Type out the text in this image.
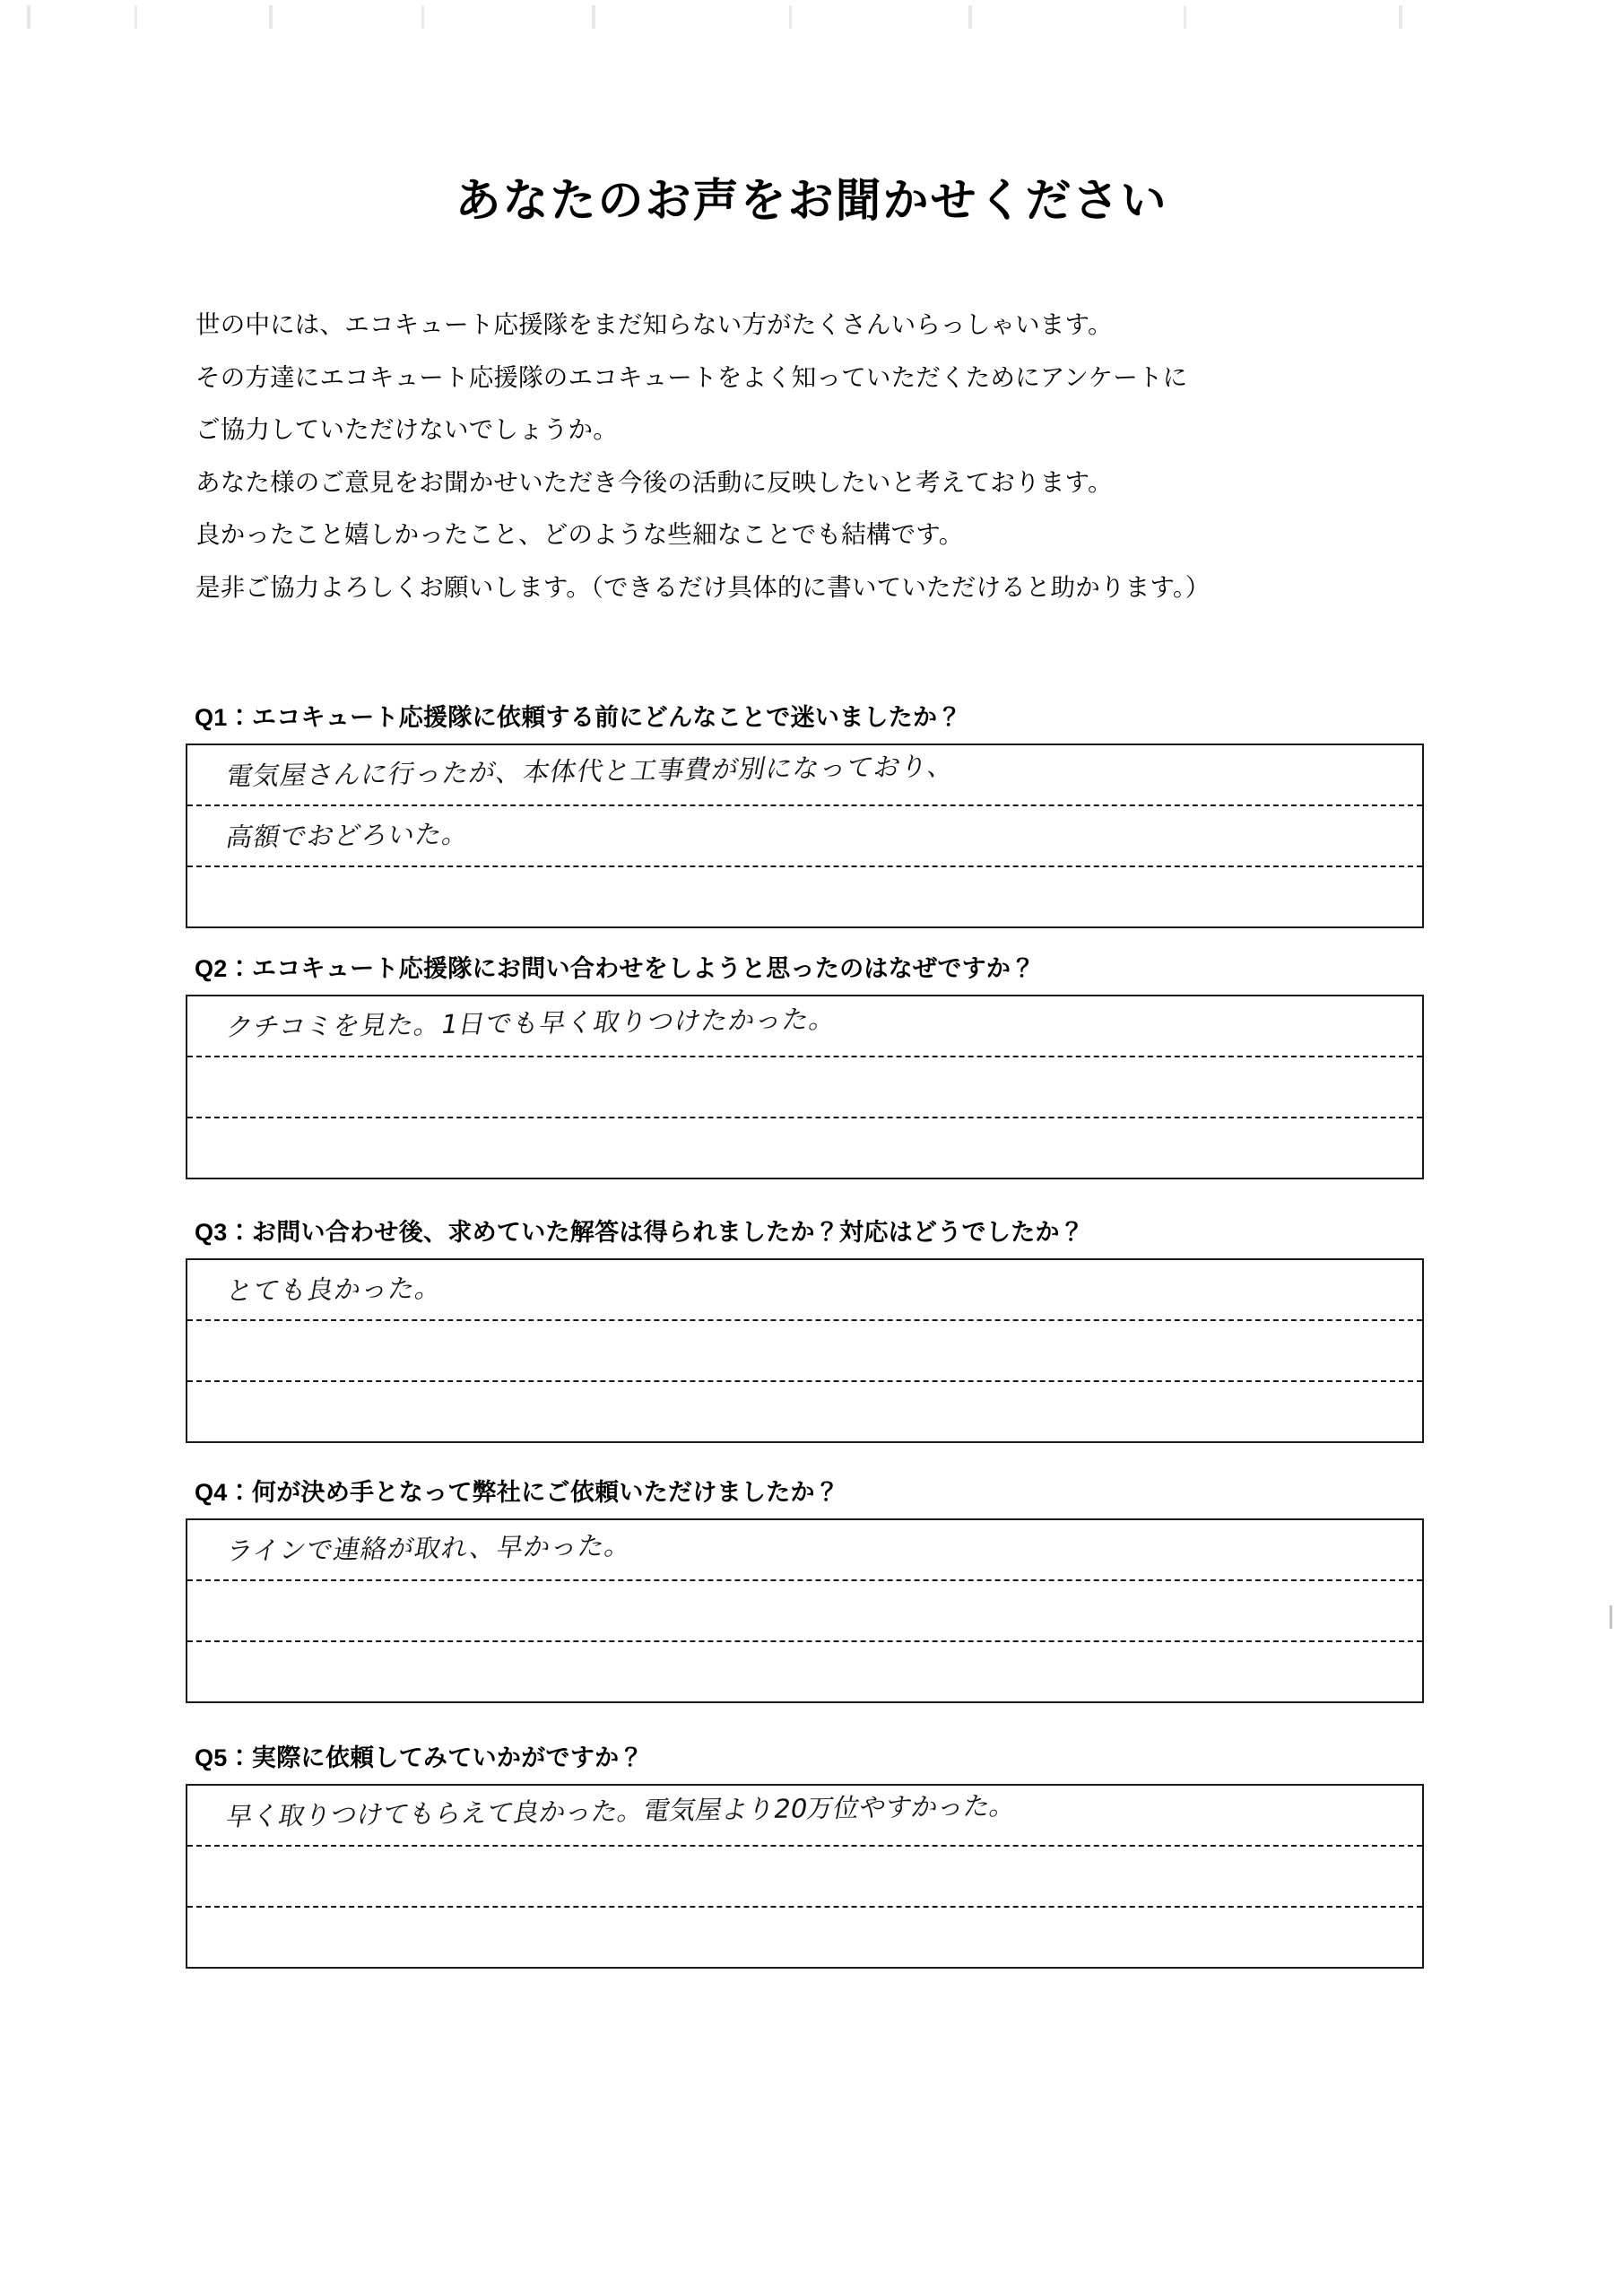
あなたのお声をお聞かせください
世の中には、エコキュート応援隊をまだ知らない方がたくさんいらっしゃいます。
その方達にエコキュート応援隊のエコキュートをよく知っていただくためにアンケートに
ご協力していただけないでしょうか。
あなた様のご意見をお聞かせいただき今後の活動に反映したいと考えております。
良かったこと嬉しかったこと、どのような些細なことでも結構です。
是非ご協力よろしくお願いします。（できるだけ具体的に書いていただけると助かります。）
Q1：エコキュート応援隊に依頼する前にどんなことで迷いましたか？
電気屋さんに行ったが、本体代と工事費が別になっており、
高額でおどろいた。
Q2：エコキュート応援隊にお問い合わせをしようと思ったのはなぜですか？
クチコミを見た。1日でも早く取りつけたかった。
Q3：お問い合わせ後、求めていた解答は得られましたか？対応はどうでしたか？
とても良かった。
Q4：何が決め手となって弊社にご依頼いただけましたか？
ラインで連絡が取れ、早かった。
Q5：実際に依頼してみていかがですか？
早く取りつけてもらえて良かった。電気屋より20万位やすかった。
